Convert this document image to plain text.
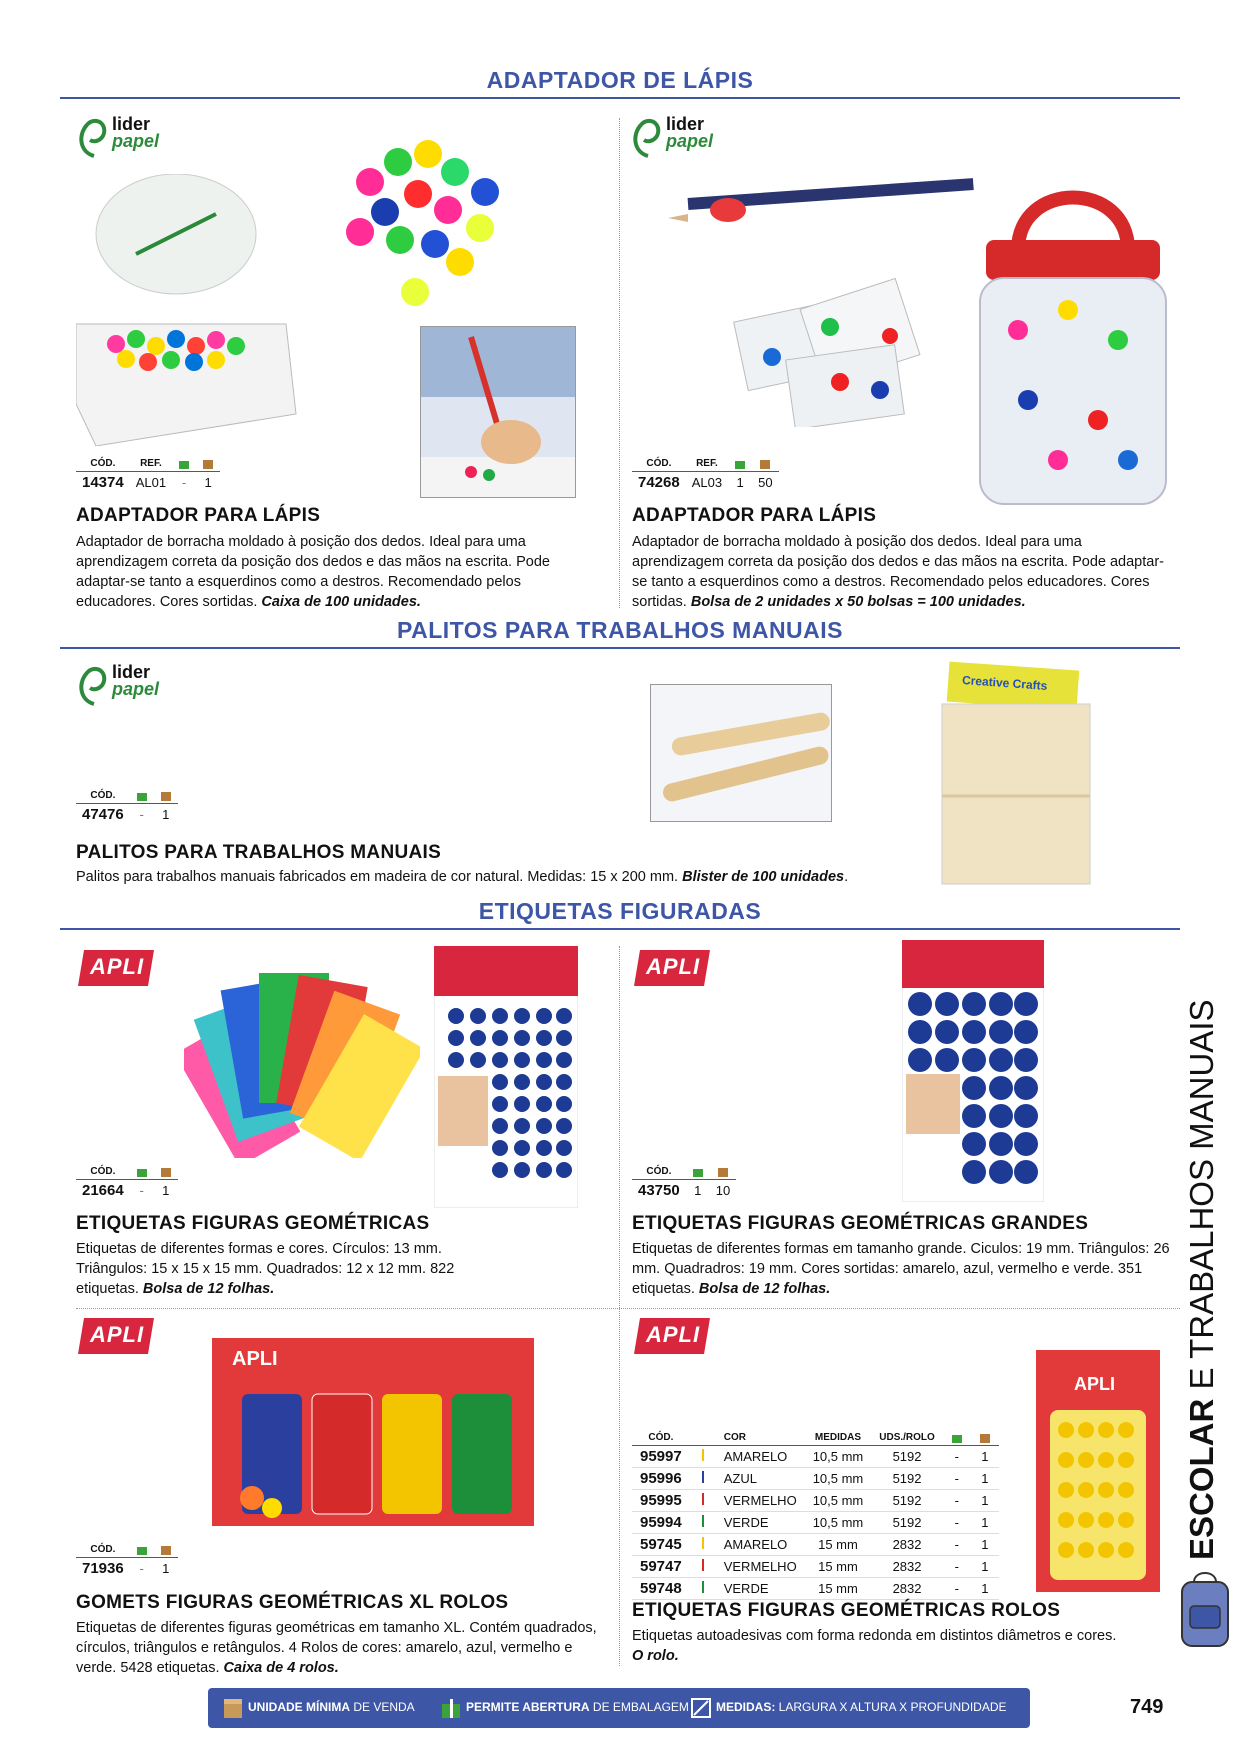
ADAPTADOR DE LÁPIS
lider
papel
CÓD.	REF.		
14374	AL01	-	1
ADAPTADOR PARA LÁPIS
Adaptador de borracha moldado à posição dos dedos. Ideal para uma aprendizagem correta da posição dos dedos e das mãos na escrita. Pode adaptar-se tanto a esquerdinos como a destros. Recomendado pelos educadores. Cores sortidas. Caixa de 100 unidades.
lider
papel
CÓD.	REF.		
74268	AL03	1	50
ADAPTADOR PARA LÁPIS
Adaptador de borracha moldado à posição dos dedos. Ideal para uma aprendizagem correta da posição dos dedos e das mãos na escrita. Pode adaptar-se tanto a esquerdinos como a destros. Recomendado pelos educadores. Cores sortidas. Bolsa de 2 unidades x 50 bolsas = 100 unidades.
PALITOS PARA TRABALHOS MANUAIS
lider
papel
CÓD.		
47476	-	1
Creative Crafts
PALITOS PARA TRABALHOS MANUAIS
Palitos para trabalhos manuais fabricados em madeira de cor natural. Medidas: 15 x 200 mm. Blister de 100 unidades.
ETIQUETAS FIGURADAS
APLI	APLI
APLI	APLI
CÓD.		
21664	-	1
ETIQUETAS FIGURAS GEOMÉTRICAS
Etiquetas de diferentes formas e cores. Círculos: 13 mm. Triângulos: 15 x 15 x 15 mm. Quadrados: 12 x 12 mm. 822 etiquetas. Bolsa de 12 folhas.
CÓD.		
43750	1	10
ETIQUETAS FIGURAS GEOMÉTRICAS GRANDES
Etiquetas de diferentes formas em tamanho grande. Ciculos: 19 mm. Triângulos: 26 mm. Quadradros: 19 mm. Cores sortidas: amarelo, azul, vermelho e verde. 351 etiquetas. Bolsa de 12 folhas.
APLI
CÓD.		
71936	-	1
GOMETS FIGURAS GEOMÉTRICAS XL ROLOS
Etiquetas de diferentes figuras geométricas em tamanho XL. Contém quadrados, círculos, triângulos e retângulos. 4 Rolos de cores: amarelo, azul, vermelho e verde. 5428 etiquetas. Caixa de 4 rolos.
APLI
CÓD.		COR	MEDIDAS	UDS./ROLO		
95997		AMARELO	10,5 mm	5192	-	1
95996		AZUL	10,5 mm	5192	-	1
95995		VERMELHO	10,5 mm	5192	-	1
95994		VERDE	10,5 mm	5192	-	1
59745		AMARELO	15 mm	2832	-	1
59747		VERMELHO	15 mm	2832	-	1
59748		VERDE	15 mm	2832	-	1
ETIQUETAS FIGURAS GEOMÉTRICAS ROLOS
Etiquetas autoadesivas com forma redonda em distintos diâmetros e cores.
O rolo.
ESCOLAR E TRABALHOS MANUAIS
UNIDADE MÍNIMA DE VENDA	PERMITE ABERTURA DE EMBALAGEM MEDIDAS: LARGURA X ALTURA X PROFUNDIDADE	749
